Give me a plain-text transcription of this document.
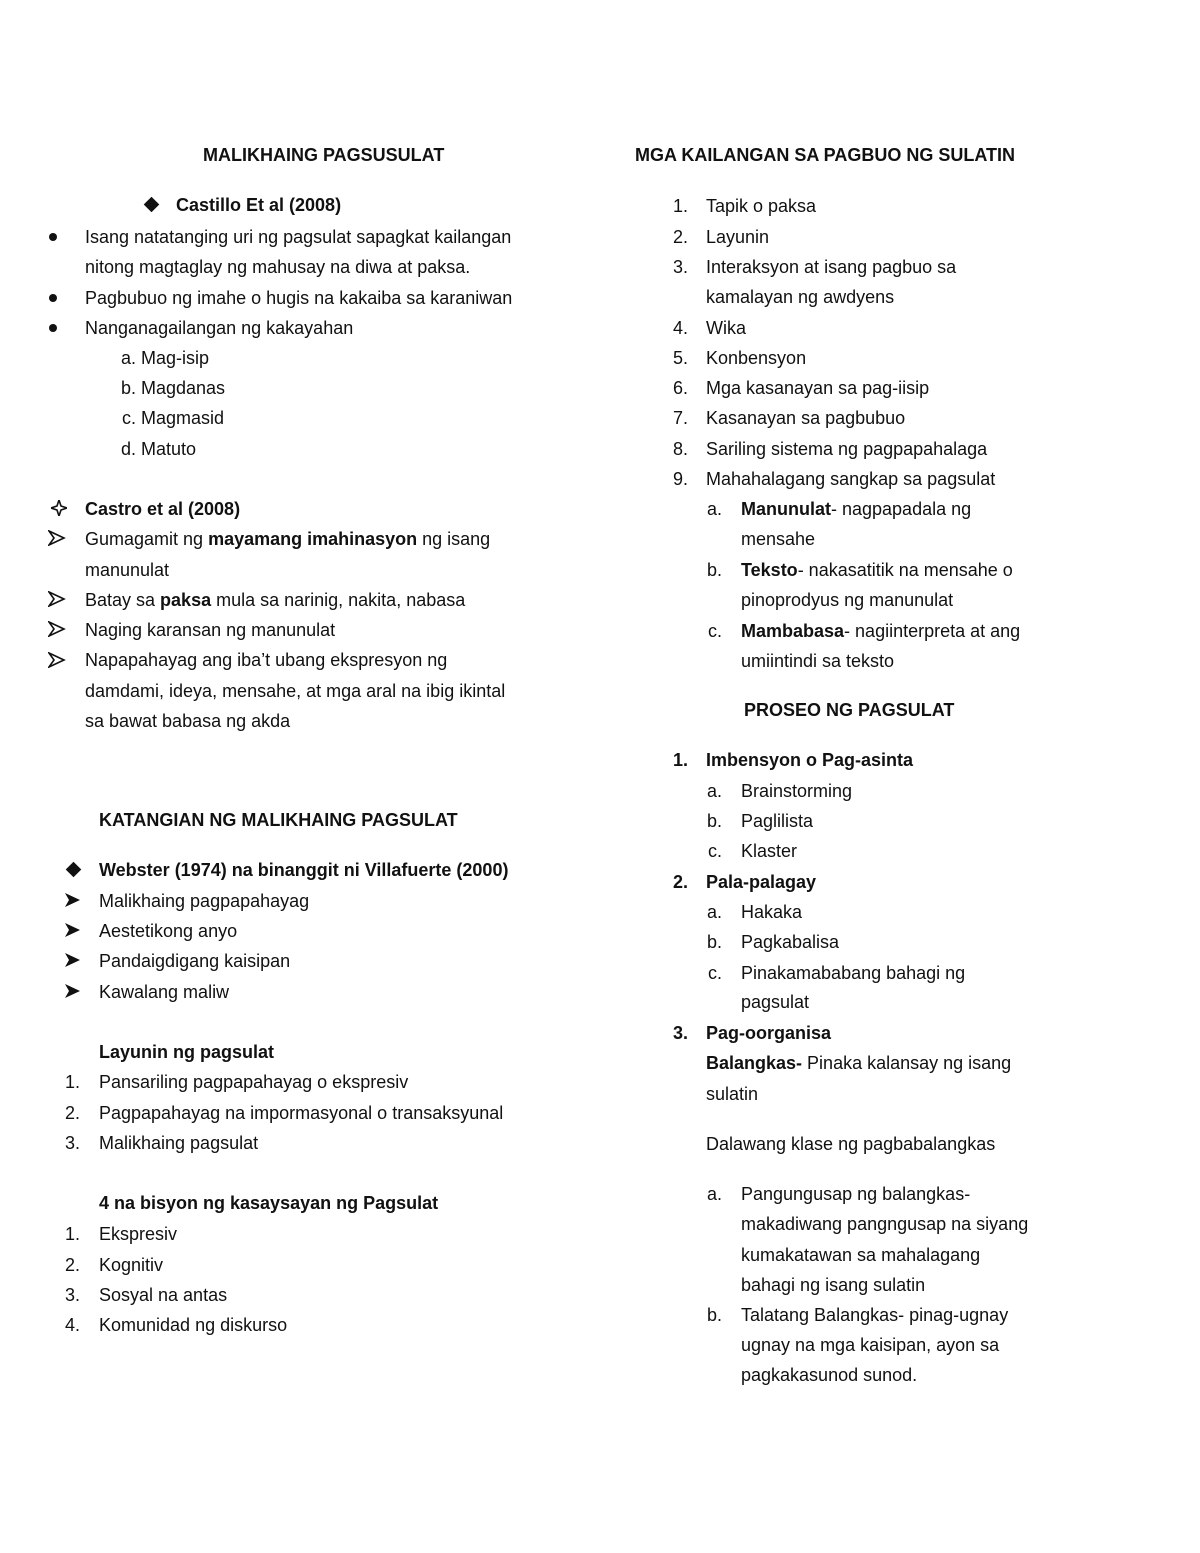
MALIKHAING PAGSUSULAT
Castillo Et al (2008)
Isang natatanging uri ng pagsulat sapagkat kailangan
nitong magtaglay ng mahusay na diwa at paksa.
Pagbubuo ng imahe o hugis na kakaiba sa karaniwan
Nanganagailangan ng kakayahan
a. Mag-isip
b. Magdanas
c. Magmasid
d. Matuto
Castro et al (2008)
Gumagamit ng mayamang imahinasyon ng isang
manunulat
Batay sa paksa mula sa narinig, nakita, nabasa
Naging karansan ng manunulat
Napapahayag ang iba’t ubang ekspresyon ng
damdami, ideya, mensahe, at mga aral na ibig ikintal
sa bawat babasa ng akda
KATANGIAN NG MALIKHAING PAGSULAT
Webster (1974) na binanggit ni Villafuerte (2000)
Malikhaing pagpapahayag
Aestetikong anyo
Pandaigdigang kaisipan
Kawalang maliw
Layunin ng pagsulat
1. Pansariling pagpapahayag o ekspresiv
2. Pagpapahayag na impormasyonal o transaksyunal
3. Malikhaing pagsulat
4 na bisyon ng kasaysayan ng Pagsulat
1. Ekspresiv
2. Kognitiv
3. Sosyal na antas
4. Komunidad ng diskurso
MGA KAILANGAN SA PAGBUO NG SULATIN
1. Tapik o paksa
2. Layunin
3. Interaksyon at isang pagbuo sa
kamalayan ng awdyens
4. Wika
5. Konbensyon
6. Mga kasanayan sa pag-iisip
7. Kasanayan sa pagbubuo
8. Sariling sistema ng pagpapahalaga
9. Mahahalagang sangkap sa pagsulat
a. Manunulat- nagpapadala ng
mensahe
b. Teksto- nakasatitik na mensahe o
pinoprodyus ng manunulat
c. Mambabasa- nagiinterpreta at ang
umiintindi sa teksto
PROSEO NG PAGSULAT
1. Imbensyon o Pag-asinta
a. Brainstorming
b. Paglilista
c. Klaster
2. Pala-palagay
a. Hakaka
b. Pagkabalisa
c. Pinakamababang bahagi ng
pagsulat
3. Pag-oorganisa
Balangkas- Pinaka kalansay ng isang
sulatin
Dalawang klase ng pagbabalangkas
a. Pangungusap ng balangkas-
makadiwang pangngusap na siyang
kumakatawan sa mahalagang
bahagi ng isang sulatin
b. Talatang Balangkas- pinag-ugnay
ugnay na mga kaisipan, ayon sa
pagkakasunod sunod.
